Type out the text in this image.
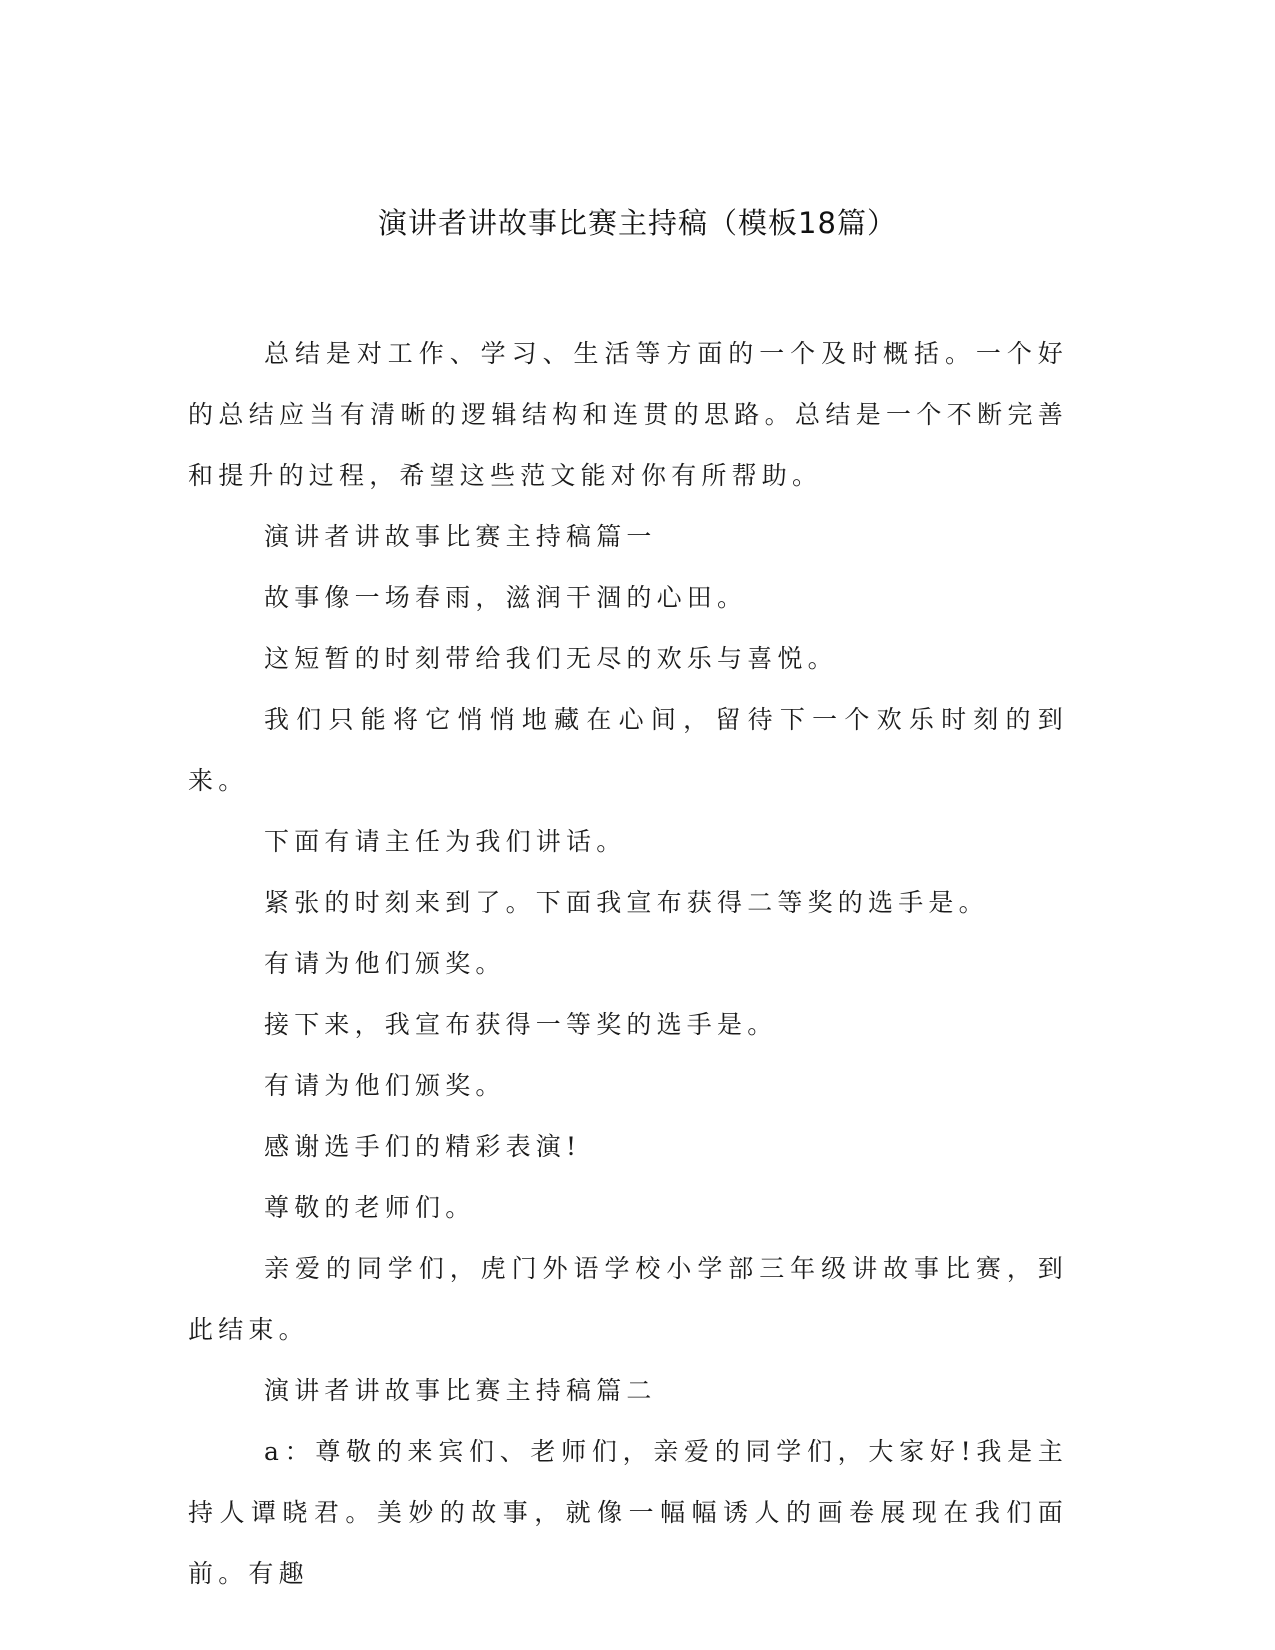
演讲者讲故事比赛主持稿（模板18篇）

总结是对工作、学习、生活等方面的一个及时概括。一个好的总结应当有清晰的逻辑结构和连贯的思路。总结是一个不断完善和提升的过程，希望这些范文能对你有所帮助。

演讲者讲故事比赛主持稿篇一

故事像一场春雨，滋润干涸的心田。

这短暂的时刻带给我们无尽的欢乐与喜悦。

我们只能将它悄悄地藏在心间，留待下一个欢乐时刻的到来。

下面有请主任为我们讲话。

紧张的时刻来到了。下面我宣布获得二等奖的选手是。

有请为他们颁奖。

接下来，我宣布获得一等奖的选手是。

有请为他们颁奖。

感谢选手们的精彩表演!

尊敬的老师们。

亲爱的同学们，虎门外语学校小学部三年级讲故事比赛，到此结束。

演讲者讲故事比赛主持稿篇二

a：尊敬的来宾们、老师们，亲爱的同学们，大家好!我是主持人谭晓君。美妙的故事，就像一幅幅诱人的画卷展现在我们面前。有趣
